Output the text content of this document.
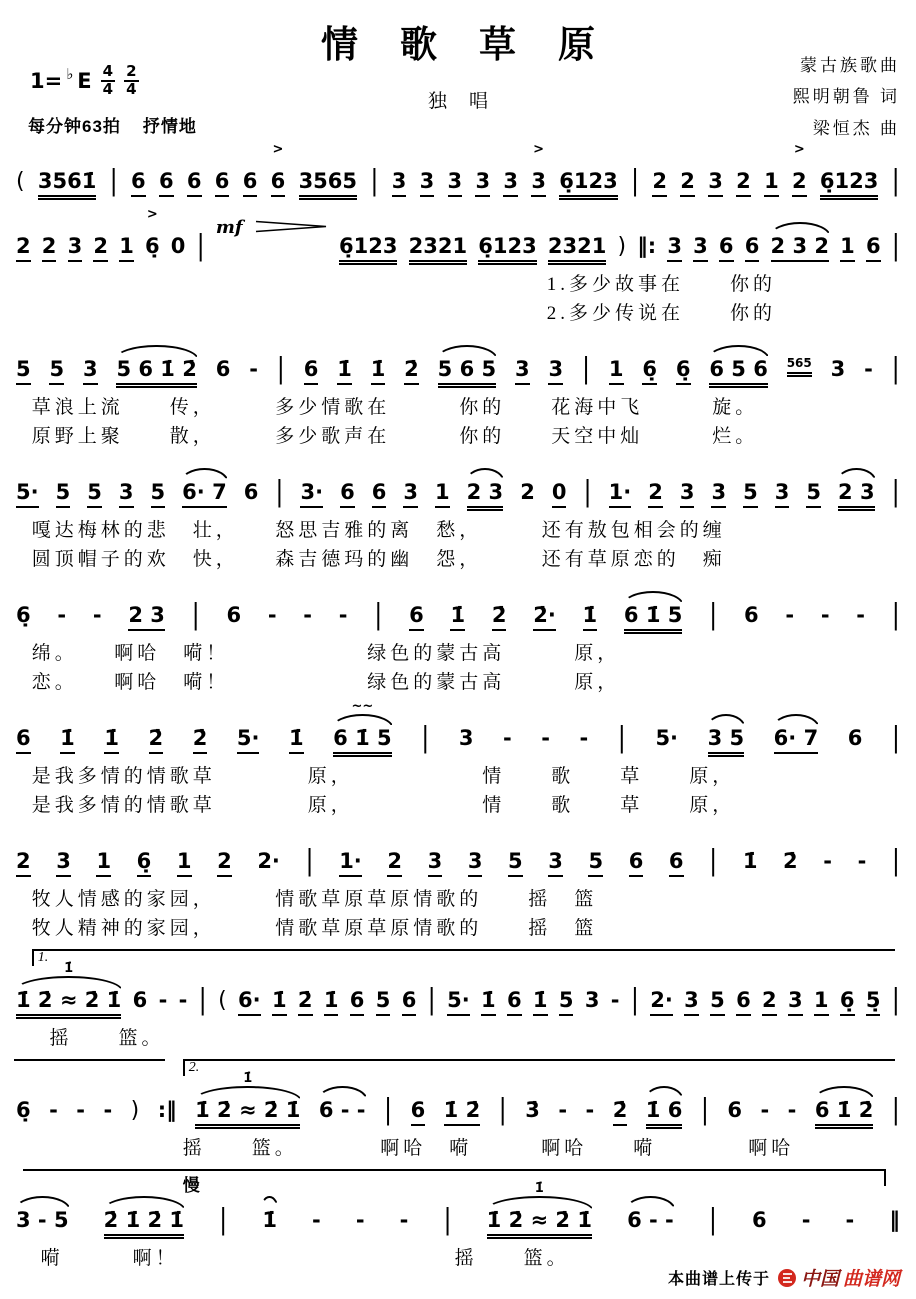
情歌草原	蒙古族歌曲
熙明朝鲁 词
梁恒杰 曲
1= ♭ E $\frac{4}{4} \frac{2}{4}$
独唱
每分钟63拍 抒情地
( 3561̇ | 6 6 6 6 6 6
>
3565 | 3 3 3 3 3 3
>
6̣123 | 2 2 3 2 1 2
>
6̣123 |
2 2 3 2 1 6̣
>
0 |
mf
6̣123 2321 6̣123 2321 ) ‖: 3 3 6 6 2 3 2 1 6 |
1.多少故事在　　你的
2.多少传说在　　你的
5 5 3 5 6 1̇ 2̇ 6 - | 6 1̇ 1̇ 2̇ 5 6 5 3 3 | 1 6̣ 6̣ 6 5 6 565 3 - |
草浪上流　　传，　　　多少情歌在　　　你的　　花海中飞　　　旋。
原野上聚　　散，　　　多少歌声在　　　你的　　天空中灿　　　烂。
5· 5 5 3 5 6· 7 6 | 3· 6 6 3 1 2 3 2 0 | 1· 2 3 3 5 3 5 2 3 |
嘎达梅林的悲　壮，　　怒思吉雅的离　愁，　　　还有敖包相会的缠
圆顶帽子的欢　快，　　森吉德玛的幽　怨，　　　还有草原恋的　痴
6̣ - - 2 3 | 6 - - - | 6 1̇ 2̇ 2̇· 1̇ 6 1̇ 5 | 6 - - - |
绵。　　啊哈　嗬！　　　　　　绿色的蒙古高　　　原，
恋。　　啊哈　嗬！　　　　　　绿色的蒙古高　　　原，
6 1̇ 1̇ 2̇ 2̇ 5· 1̇ 6 1̇ 5
~~
| 3 - - - | 5· 3 5 6· 7 6 |
是我多情的情歌草　　　　原，　　　　　　情　　歌　　草　　原，
是我多情的情歌草　　　　原，　　　　　　情　　歌　　草　　原，
2 3 1 6̣ 1 2 2· | 1· 2 3 3 5 3 5 6 6 | 1̇ 2̇ - - |
牧人情感的家园，　　　情歌草原草原情歌的　　摇　篮
牧人精神的家园，　　　情歌草原草原情歌的　　摇　篮
1.
1̇ 2̇ ≈ 2̇ 1̇
1̇
6 - - | ( 6· 1̇ 2̇ 1̇ 6 5 6 | 5· 1̇ 6 1̇ 5 3 - | 2· 3 5 6 2 3 1 6̣ 5̣ |
摇　　篮。
2.
6̣ - - - ) :‖ 1̇ 2̇ ≈ 2̇ 1̇
1̇
6 - - | 6 1̇ 2̇ | 3̇ - - 2̇ 1̇ 6 | 6 - - 6 1̇ 2̇ |
摇　　篮。　　　　啊哈　嗬　　　啊哈　　嗬　　　　啊哈
慢
3 - 5 2̇ 1̇ 2̇ 1̇ | 1̇ - - - | 1̇ 2̇ ≈ 2̇ 1̇
1̇
6 - - | 6 - - ‖
嗬　　　啊！　　　　　　　　　　　　摇　　篮。
本曲谱上传于 中国 曲谱网
